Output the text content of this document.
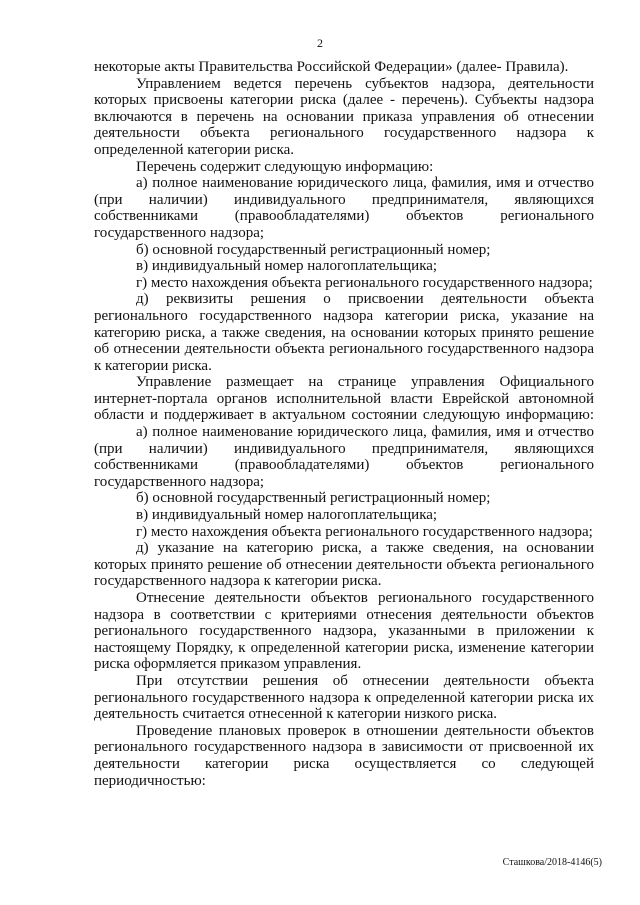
2

некоторые акты Правительства Российской Федерации» (далее- Правила).

Управлением ведется перечень субъектов надзора, деятельности

которых присвоены категории риска (далее - перечень). Субъекты надзора

включаются в перечень на основании приказа управления об отнесении

деятельности объекта регионального государственного надзора к

определенной категории риска.

Перечень содержит следующую информацию:

а) полное наименование юридического лица, фамилия, имя и отчество

(при наличии) индивидуального предпринимателя, являющихся

собственниками (правообладателями) объектов регионального

государственного надзора;

б) основной государственный регистрационный номер;

в) индивидуальный номер налогоплательщика;

г) место нахождения объекта регионального государственного надзора;

д) реквизиты решения о присвоении деятельности объекта

регионального государственного надзора категории риска, указание на

категорию риска, а также сведения, на основании которых принято решение

об отнесении деятельности объекта регионального государственного надзора

к категории риска.

Управление размещает на странице управления Официального

интернет-портала органов исполнительной власти Еврейской автономной

области и поддерживает в актуальном состоянии следующую информацию:

а) полное наименование юридического лица, фамилия, имя и отчество

(при наличии) индивидуального предпринимателя, являющихся

собственниками (правообладателями) объектов регионального

государственного надзора;

б) основной государственный регистрационный номер;

в) индивидуальный номер налогоплательщика;

г) место нахождения объекта регионального государственного надзора;

д) указание на категорию риска, а также сведения, на основании

которых принято решение об отнесении деятельности объекта регионального

государственного надзора к категории риска.

Отнесение деятельности объектов регионального государственного

надзора в соответствии с критериями отнесения деятельности объектов

регионального государственного надзора, указанными в приложении к

настоящему Порядку, к определенной категории риска, изменение категории

риска оформляется приказом управления.

При отсутствии решения об отнесении деятельности объекта

регионального государственного надзора к определенной категории риска их

деятельность считается отнесенной к категории низкого риска.

Проведение плановых проверок в отношении деятельности объектов

регионального государственного надзора в зависимости от присвоенной их

деятельности категории риска осуществляется со следующей

периодичностью:

Сташкова/2018-4146(5)
